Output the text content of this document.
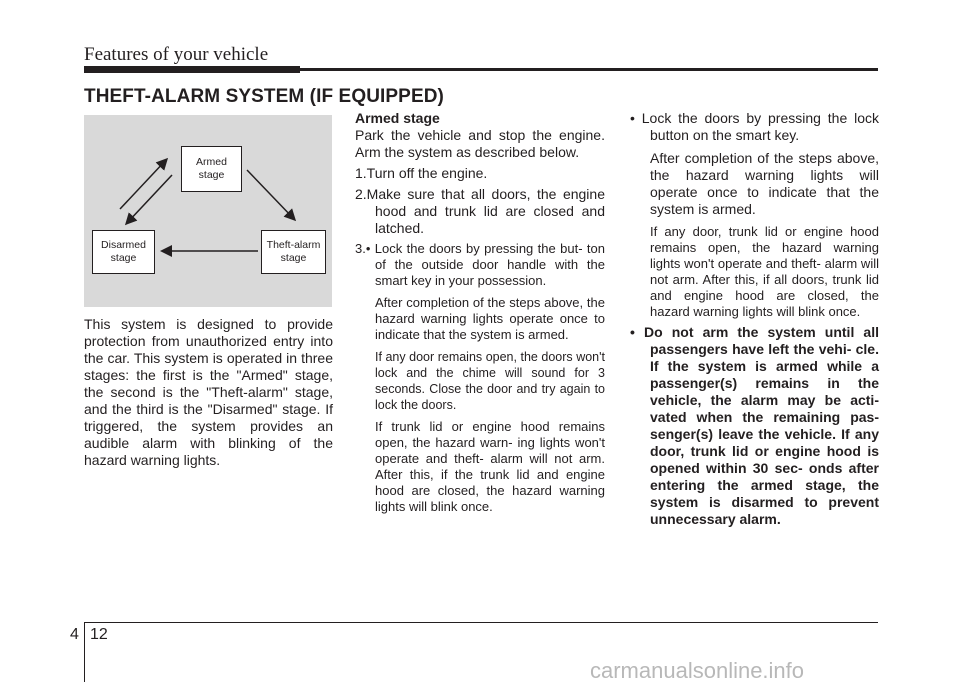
Features of your vehicle
THEFT-ALARM SYSTEM (IF EQUIPPED)
Armed
stage
Theft-alarm
stage
Disarmed
stage

This system is designed to provide protection from unauthorized entry into the car. This system is operated in three stages: the first is the "Armed" stage, the second is the "Theft-alarm" stage, and the third is the "Disarmed" stage. If triggered, the system provides an audible alarm with blinking of the hazard warning lights.

Armed stage

Park the vehicle and stop the engine. Arm the system as described below.

1.Turn off the engine.

2.Make sure that all doors, the engine hood and trunk lid are closed and latched.

3.• Lock the doors by pressing the but- ton of the outside door handle with the smart key in your possession.

After completion of the steps above, the hazard warning lights operate once to indicate that the system is armed.

If any door remains open, the doors won't lock and the chime will sound for 3 seconds. Close the door and try again to lock the doors.

If trunk lid or engine hood remains open, the hazard warn- ing lights won't operate and theft- alarm will not arm. After this, if the trunk lid and engine hood are closed, the hazard warning lights will blink once.

• Lock the doors by pressing the lock button on the smart key.

After completion of the steps above, the hazard warning lights will operate once to indicate that the system is armed.

If any door, trunk lid or engine hood remains open, the hazard warning lights won't operate and theft- alarm will not arm. After this, if all doors, trunk lid and engine hood are closed, the hazard warning lights will blink once.

• Do not arm the system until all passengers have left the vehi- cle. If the system is armed while a passenger(s) remains in the vehicle, the alarm may be acti- vated when the remaining pas- senger(s) leave the vehicle. If any door, trunk lid or engine hood is opened within 30 sec- onds after entering the armed stage, the system is disarmed to prevent unnecessary alarm.

4 12
carmanualsonline.info
